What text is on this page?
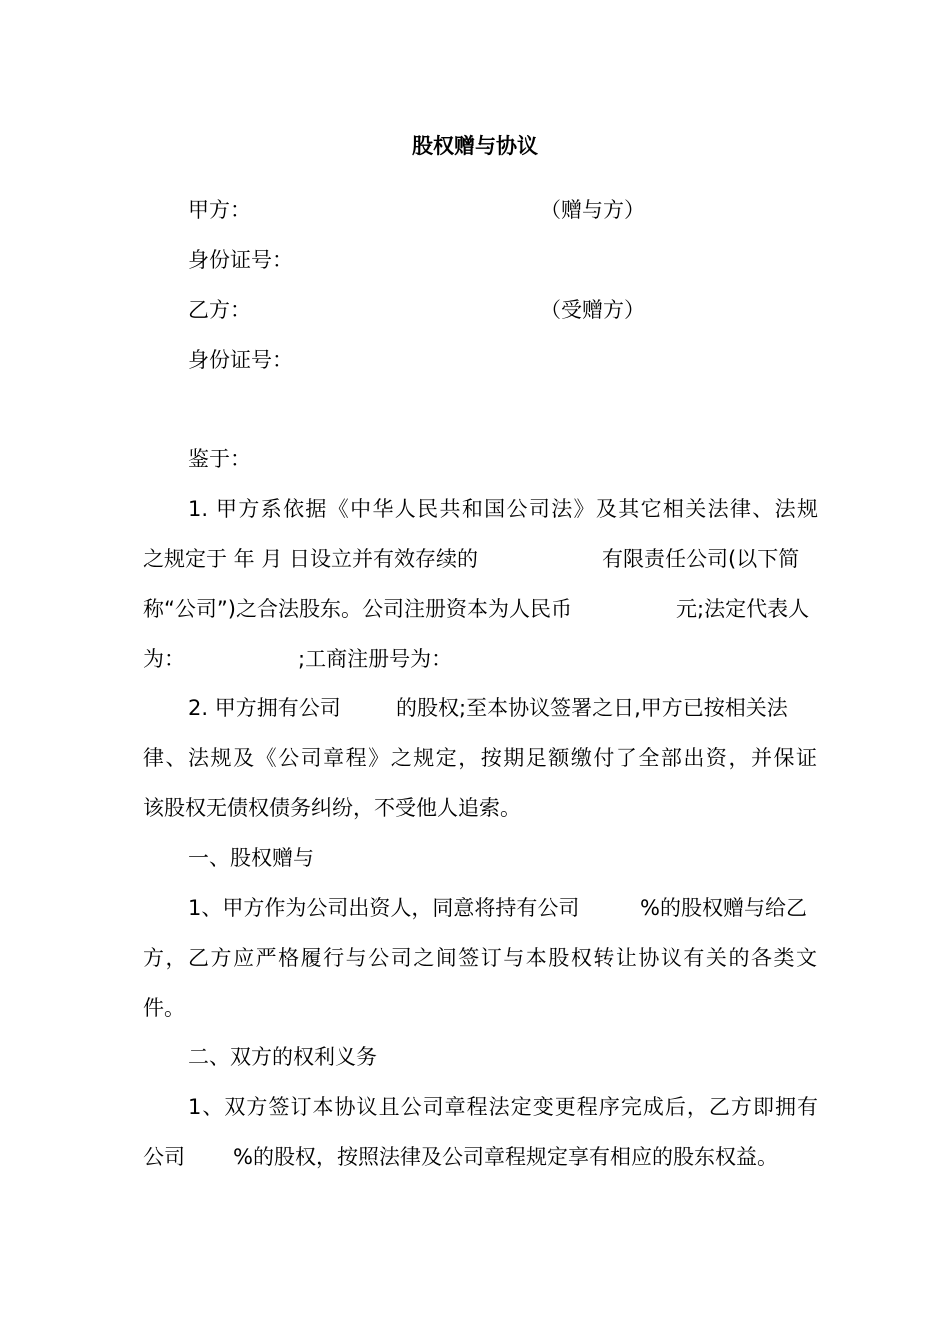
股权赠与协议
甲方：	（赠与方）
身份证号：
乙方：	（受赠方）
身份证号：
鉴于：
1. 甲方系依据《中华人民共和国公司法》及其它相关法律、法规
之规定于 年 月 日设立并有效存续的	有限责任公司(以下简
称“公司”)之合法股东。公司注册资本为人民币	元;法定代表人
为：	;工商注册号为：
2. 甲方拥有公司	的股权;至本协议签署之日,甲方已按相关法
律、法规及《公司章程》之规定，按期足额缴付了全部出资，并保证
该股权无债权债务纠纷，不受他人追索。
一、股权赠与
1、甲方作为公司出资人，同意将持有公司	%的股权赠与给乙
方，乙方应严格履行与公司之间签订与本股权转让协议有关的各类文
件。
二、双方的权利义务
1、双方签订本协议且公司章程法定变更程序完成后，乙方即拥有
公司 %的股权，按照法律及公司章程规定享有相应的股东权益。
